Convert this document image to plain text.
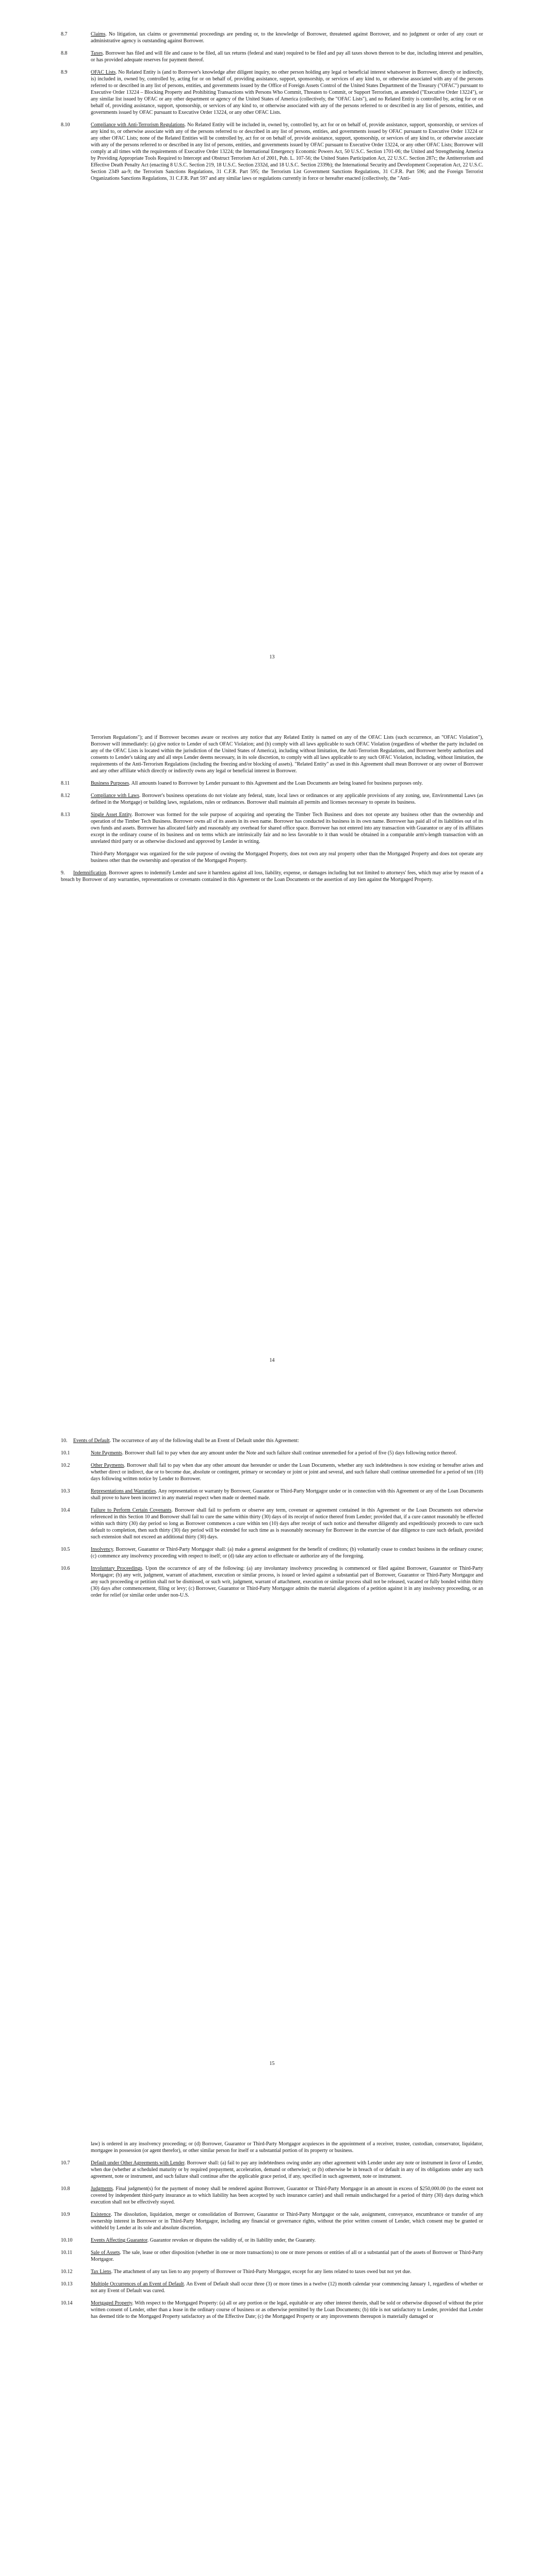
8.7	Claims. No litigation, tax claims or governmental proceedings are pending or, to the knowledge of Borrower, threatened against Borrower, and no judgment or order of any court or administrative agency is outstanding against Borrower.
8.8	Taxes. Borrower has filed and will file and cause to be filed, all tax returns (federal and state) required to be filed and pay all taxes shown thereon to be due, including interest and penalties, or has provided adequate reserves for payment thereof.
8.9	OFAC Lists. No Related Entity is (and to Borrower's knowledge after diligent inquiry, no other person holding any legal or beneficial interest whatsoever in Borrower, directly or indirectly, is) included in, owned by, controlled by, acting for or on behalf of, providing assistance, support, sponsorship, or services of any kind to, or otherwise associated with any of the persons referred to or described in any list of persons, entities, and governments issued by the Office of Foreign Assets Control of the United States Department of the Treasury ("OFAC") pursuant to Executive Order 13224 – Blocking Property and Prohibiting Transactions with Persons Who Commit, Threaten to Commit, or Support Terrorism, as amended ("Executive Order 13224"), or any similar list issued by OFAC or any other department or agency of the United States of America (collectively, the "OFAC Lists"), and no Related Entity is controlled by, acting for or on behalf of, providing assistance, support, sponsorship, or services of any kind to, or otherwise associated with any of the persons referred to or described in any list of persons, entities, and governments issued by OFAC pursuant to Executive Order 13224, or any other OFAC Lists.
8.10	Compliance with Anti-Terrorism Regulations. No Related Entity will be included in, owned by, controlled by, act for or on behalf of, provide assistance, support, sponsorship, or services of any kind to, or otherwise associate with any of the persons referred to or described in any list of persons, entities, and governments issued by OFAC pursuant to Executive Order 13224 or any other OFAC Lists; none of the Related Entities will be controlled by, act for or on behalf of, provide assistance, support, sponsorship, or services of any kind to, or otherwise associate with any of the persons referred to or described in any list of persons, entities, and governments issued by OFAC pursuant to Executive Order 13224, or any other OFAC Lists; Borrower will comply at all times with the requirements of Executive Order 13224; the International Emergency Economic Powers Act, 50 U.S.C. Section 1701-06; the United and Strengthening America by Providing Appropriate Tools Required to Intercept and Obstruct Terrorism Act of 2001, Pub. L. 107-56; the United States Participation Act, 22 U.S.C. Section 287c; the Antiterrorism and Effective Death Penalty Act (enacting 8 U.S.C. Section 219, 18 U.S.C. Section 2332d, and 18 U.S.C. Section 2339b); the International Security and Development Cooperation Act, 22 U.S.C. Section 2349 aa-9; the Terrorism Sanctions Regulations, 31 C.F.R. Part 595; the Terrorism List Government Sanctions Regulations, 31 C.F.R. Part 596; and the Foreign Terrorist Organizations Sanctions Regulations, 31 C.F.R. Part 597 and any similar laws or regulations currently in force or hereafter enacted (collectively, the "Anti-
13
Terrorism Regulations"); and if Borrower becomes aware or receives any notice that any Related Entity is named on any of the OFAC Lists (such occurrence, an "OFAC Violation"), Borrower will immediately: (a) give notice to Lender of such OFAC Violation; and (b) comply with all laws applicable to such OFAC Violation (regardless of whether the party included on any of the OFAC Lists is located within the jurisdiction of the United States of America), including without limitation, the Anti-Terrorism Regulations, and Borrower hereby authorizes and consents to Lender's taking any and all steps Lender deems necessary, in its sole discretion, to comply with all laws applicable to any such OFAC Violation, including, without limitation, the requirements of the Anti-Terrorism Regulations (including the freezing and/or blocking of assets). "Related Entity" as used in this Agreement shall mean Borrower or any owner of Borrower and any other affiliate which directly or indirectly owns any legal or beneficial interest in Borrower.
8.11	Business Purposes. All amounts loaned to Borrower by Lender pursuant to this Agreement and the Loan Documents are being loaned for business purposes only.
8.12	Compliance with Laws. Borrower's business operations do not violate any federal, state, local laws or ordinances or any applicable provisions of any zoning, use, Environmental Laws (as defined in the Mortgage) or building laws, regulations, rules or ordinances. Borrower shall maintain all permits and licenses necessary to operate its business.
8.13	Single Asset Entity. Borrower was formed for the sole purpose of acquiring and operating the Timber Tech Business and does not operate any business other than the ownership and operation of the Timber Tech Business. Borrower owns all of its assets in its own name. Borrower has conducted its business in its own name. Borrower has paid all of its liabilities out of its own funds and assets. Borrower has allocated fairly and reasonably any overhead for shared office space. Borrower has not entered into any transaction with Guarantor or any of its affiliates except in the ordinary course of its business and on terms which are intrinsically fair and no less favorable to it than would be obtained in a comparable arm's-length transaction with an unrelated third party or as otherwise disclosed and approved by Lender in writing.
Third-Party Mortgagor was organized for the sole purpose of owning the Mortgaged Property, does not own any real property other than the Mortgaged Property and does not operate any business other than the ownership and operation of the Mortgaged Property.
9. Indemnification. Borrower agrees to indemnify Lender and save it harmless against all loss, liability, expense, or damages including but not limited to attorneys' fees, which may arise by reason of a breach by Borrower of any warranties, representations or covenants contained in this Agreement or the Loan Documents or the assertion of any lien against the Mortgaged Property.
14
10. Events of Default. The occurrence of any of the following shall be an Event of Default under this Agreement:
10.1	Note Payments. Borrower shall fail to pay when due any amount under the Note and such failure shall continue unremedied for a period of five (5) days following notice thereof.
10.2	Other Payments. Borrower shall fail to pay when due any other amount due hereunder or under the Loan Documents, whether any such indebtedness is now existing or hereafter arises and whether direct or indirect, due or to become due, absolute or contingent, primary or secondary or joint or joint and several, and such failure shall continue unremedied for a period of ten (10) days following written notice by Lender to Borrower.
10.3	Representations and Warranties. Any representation or warranty by Borrower, Guarantor or Third-Party Mortgagor under or in connection with this Agreement or any of the Loan Documents shall prove to have been incorrect in any material respect when made or deemed made.
10.4	Failure to Perform Certain Covenants. Borrower shall fail to perform or observe any term, covenant or agreement contained in this Agreement or the Loan Documents not otherwise referenced in this Section 10 and Borrower shall fail to cure the same within thirty (30) days of its receipt of notice thereof from Lender; provided that, if a cure cannot reasonably be effected within such thirty (30) day period so long as Borrower commences a cure within ten (10) days after receipt of such notice and thereafter diligently and expeditiously proceeds to cure such default to completion, then such thirty (30) day period will be extended for such time as is reasonably necessary for Borrower in the exercise of due diligence to cure such default, provided such extension shall not exceed an additional thirty (30) days.
10.5	Insolvency. Borrower, Guarantor or Third-Party Mortgagor shall: (a) make a general assignment for the benefit of creditors; (b) voluntarily cease to conduct business in the ordinary course; (c) commence any insolvency proceeding with respect to itself; or (d) take any action to effectuate or authorize any of the foregoing.
10.6	Involuntary Proceedings. Upon the occurrence of any of the following: (a) any involuntary insolvency proceeding is commenced or filed against Borrower, Guarantor or Third-Party Mortgagor; (b) any writ, judgment, warrant of attachment, execution or similar process, is issued or levied against a substantial part of Borrower, Guarantor or Third-Party Mortgagor and any such proceeding or petition shall not be dismissed, or such writ, judgment, warrant of attachment, execution or similar process shall not be released, vacated or fully bonded within thirty (30) days after commencement, filing or levy; (c) Borrower, Guarantor or Third-Party Mortgagor admits the material allegations of a petition against it in any insolvency proceeding, or an order for relief (or similar order under non-U.S.
15
law) is ordered in any insolvency proceeding; or (d) Borrower, Guarantor or Third-Party Mortgagor acquiesces in the appointment of a receiver, trustee, custodian, conservator, liquidator, mortgagee in possession (or agent therefor), or other similar person for itself or a substantial portion of its property or business.
10.7	Default under Other Agreements with Lender. Borrower shall: (a) fail to pay any indebtedness owing under any other agreement with Lender under any note or instrument in favor of Lender, when due (whether at scheduled maturity or by required prepayment, acceleration, demand or otherwise); or (b) otherwise be in breach of or default in any of its obligations under any such agreement, note or instrument, and such failure shall continue after the applicable grace period, if any, specified in such agreement, note or instrument.
10.8	Judgments. Final judgment(s) for the payment of money shall be rendered against Borrower, Guarantor or Third-Party Mortgagor in an amount in excess of $250,000.00 (to the extent not covered by independent third-party insurance as to which liability has been accepted by such insurance carrier) and shall remain undischarged for a period of thirty (30) days during which execution shall not be effectively stayed.
10.9	Existence. The dissolution, liquidation, merger or consolidation of Borrower, Guarantor or Third-Party Mortgagor or the sale, assignment, conveyance, encumbrance or transfer of any ownership interest in Borrower or in Third-Party Mortgagor, including any financial or governance rights, without the prior written consent of Lender, which consent may be granted or withheld by Lender at its sole and absolute discretion.
10.10	Events Affecting Guarantor. Guarantor revokes or disputes the validity of, or its liability under, the Guaranty.
10.11	Sale of Assets. The sale, lease or other disposition (whether in one or more transactions) to one or more persons or entities of all or a substantial part of the assets of Borrower or Third-Party Mortgagor.
10.12	Tax Liens. The attachment of any tax lien to any property of Borrower or Third-Party Mortgagor, except for any liens related to taxes owed but not yet due.
10.13	Multiple Occurrences of an Event of Default. An Event of Default shall occur three (3) or more times in a twelve (12) month calendar year commencing January 1, regardless of whether or not any Event of Default was cured.
10.14	Mortgaged Property. With respect to the Mortgaged Property: (a) all or any portion or the legal, equitable or any other interest therein, shall be sold or otherwise disposed of without the prior written consent of Lender, other than a lease in the ordinary course of business or as otherwise permitted by the Loan Documents; (b) title is not satisfactory to Lender, provided that Lender has deemed title to the Mortgaged Property satisfactory as of the Effective Date; (c) the Mortgaged Property or any improvements thereupon is materially damaged or
